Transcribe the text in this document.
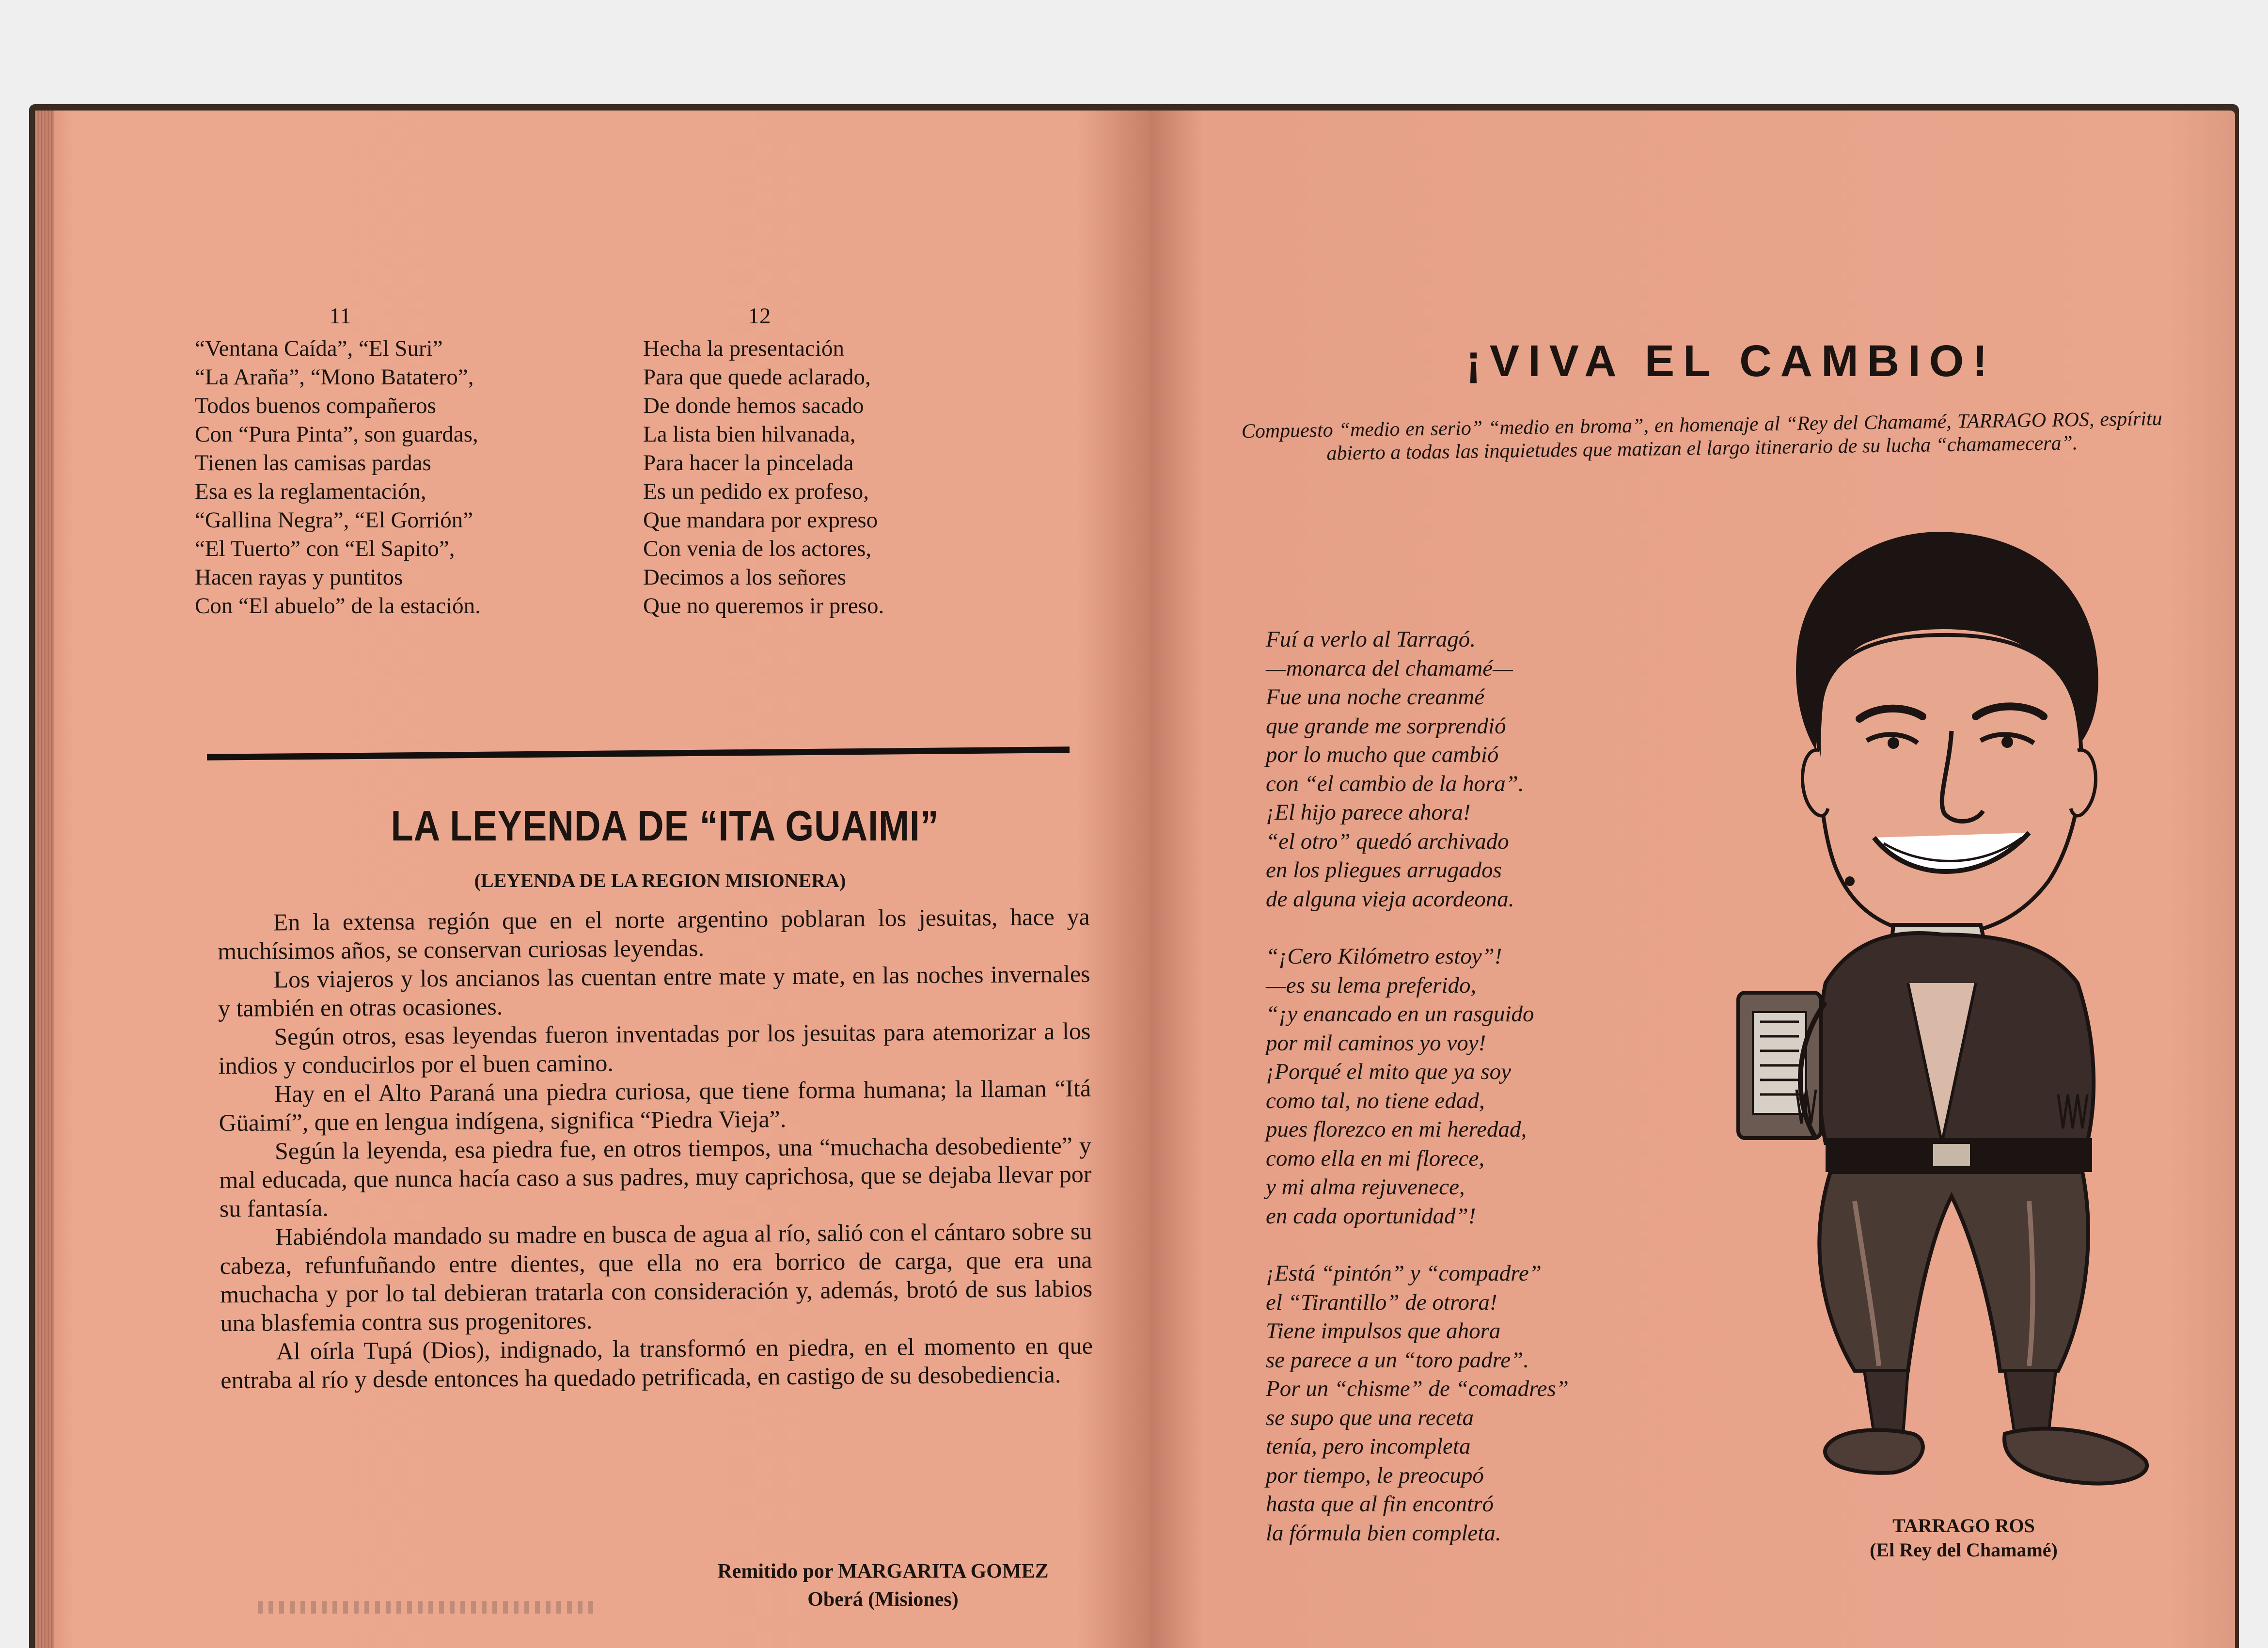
11
“Ventana Caída”, “El Suri”
“La Araña”, “Mono Batatero”,
Todos buenos compañeros
Con “Pura Pinta”, son guardas,
Tienen las camisas pardas
Esa es la reglamentación,
“Gallina Negra”, “El Gorrión”
“El Tuerto” con “El Sapito”,
Hacen rayas y puntitos
Con “El abuelo” de la estación.
12
Hecha la presentación
Para que quede aclarado,
De donde hemos sacado
La lista bien hilvanada,
Para hacer la pincelada
Es un pedido ex profeso,
Que mandara por expreso
Con venia de los actores,
Decimos a los señores
Que no queremos ir preso.
LA LEYENDA DE “ITA GUAIMI”
(LEYENDA DE LA REGION MISIONERA)

En la extensa región que en el norte argentino poblaran los jesuitas, hace ya muchísimos años, se conservan curiosas leyendas.

Los viajeros y los ancianos las cuentan entre mate y mate, en las noches invernales y también en otras ocasiones.

Según otros, esas leyendas fueron inventadas por los jesuitas para atemorizar a los indios y conducirlos por el buen camino.

Hay en el Alto Paraná una piedra curiosa, que tiene forma humana; la llaman “Itá Güaimí”, que en lengua indígena, significa “Piedra Vieja”.

Según la leyenda, esa piedra fue, en otros tiempos, una “muchacha desobediente” y mal educada, que nunca hacía caso a sus padres, muy caprichosa, que se dejaba llevar por su fantasía.

Habiéndola mandado su madre en busca de agua al río, salió con el cántaro sobre su cabeza, refunfuñando entre dientes, que ella no era borrico de carga, que era una muchacha y por lo tal debieran tratarla con consideración y, además, brotó de sus labios una blasfemia contra sus progenitores.

Al oírla Tupá (Dios), indignado, la transformó en piedra, en el momento en que entraba al río y desde entonces ha quedado petrificada, en castigo de su desobediencia.

Remitido por MARGARITA GOMEZ
Oberá (Misiones)
¡VIVA EL CAMBIO!
Compuesto “medio en serio” “medio en broma”, en homenaje al “Rey del Chamamé, TARRAGO ROS, espíritu abierto a todas las inquietudes que matizan el largo itinerario de su lucha “chamamecera”.
Fuí a verlo al Tarragó.
—monarca del chamamé—
Fue una noche creanmé
que grande me sorprendió
por lo mucho que cambió
con “el cambio de la hora”.
¡El hijo parece ahora!
“el otro” quedó archivado
en los pliegues arrugados
de alguna vieja acordeona.
“¡Cero Kilómetro estoy”!
—es su lema preferido,
“¡y enancado en un rasguido
por mil caminos yo voy!
¡Porqué el mito que ya soy
como tal, no tiene edad,
pues florezco en mi heredad,
como ella en mi florece,
y mi alma rejuvenece,
en cada oportunidad”!
¡Está “pintón” y “compadre”
el “Tirantillo” de otrora!
Tiene impulsos que ahora
se parece a un “toro padre”.
Por un “chisme” de “comadres”
se supo que una receta
tenía, pero incompleta
por tiempo, le preocupó
hasta que al fin encontró
la fórmula bien completa.	TARRAGO ROS
(El Rey del Chamamé)
